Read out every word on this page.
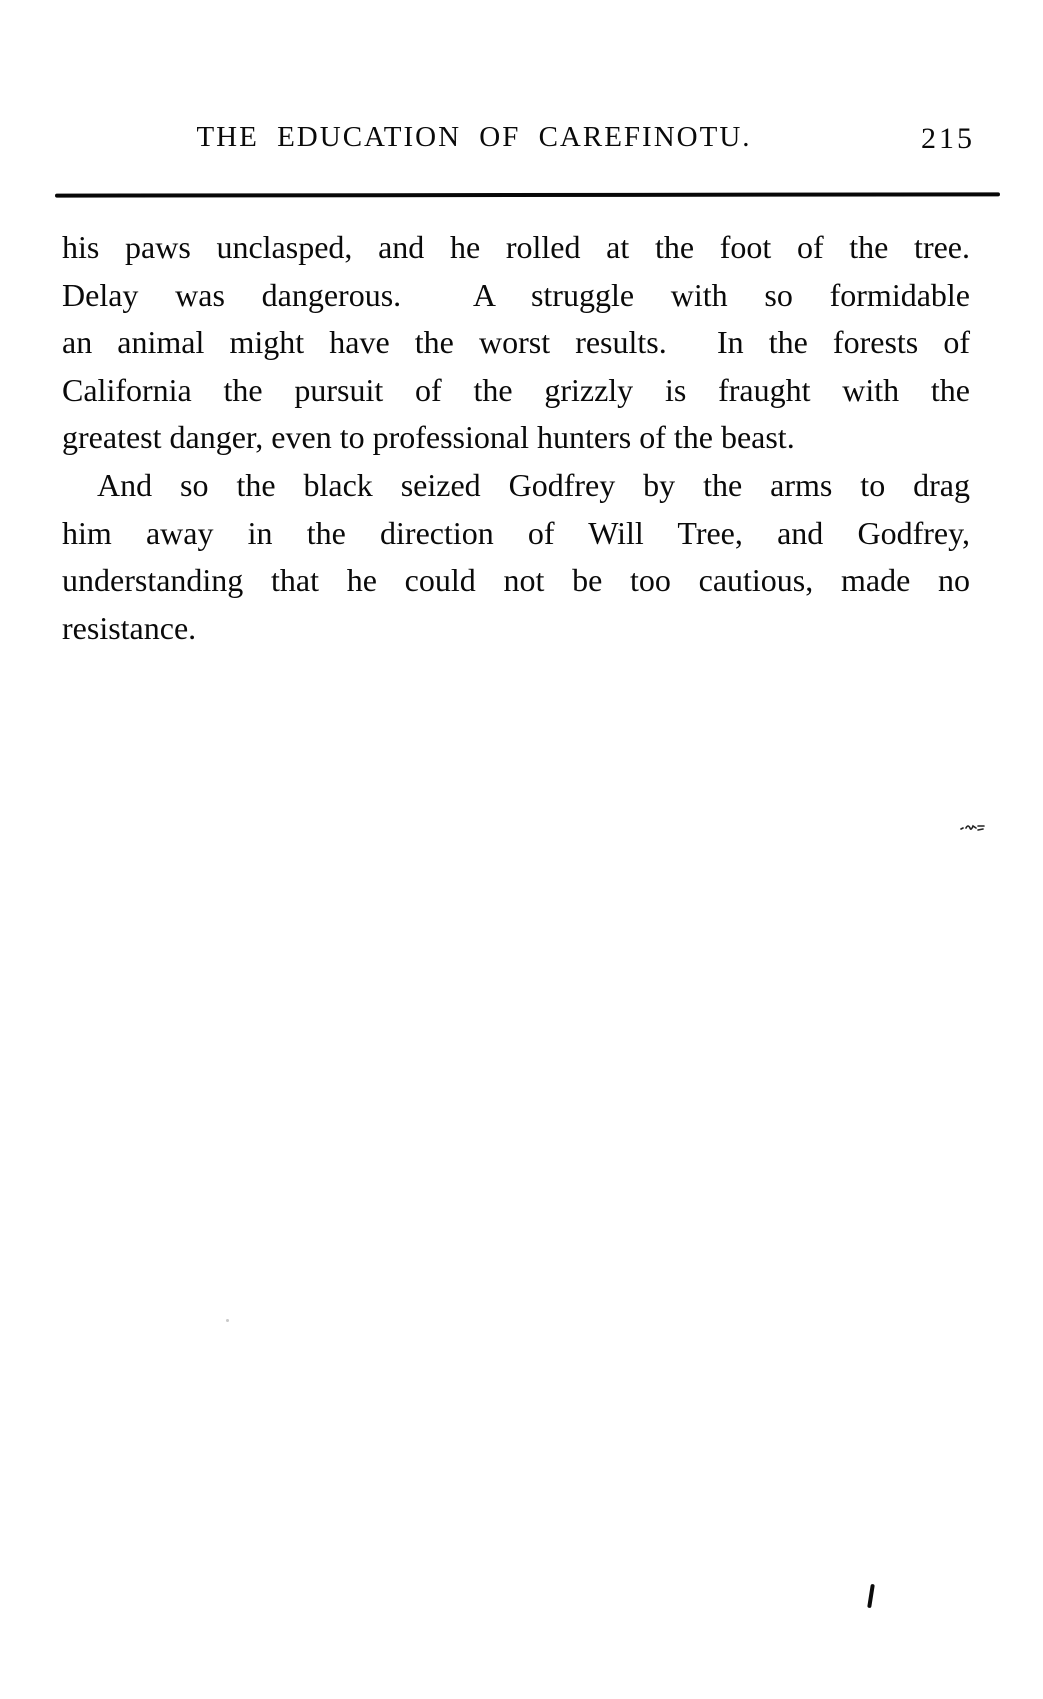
THE EDUCATION OF CAREFINOTU.	215
his paws unclasped, and he rolled at the foot of the tree.
Delay was dangerous.  A struggle with so formidable
an animal might have the worst results.  In the forests of
California the pursuit of the grizzly is fraught with the
greatest danger, even to professional hunters of the beast.
And so the black seized Godfrey by the arms to drag
him away in the direction of Will Tree, and Godfrey,
understanding that he could not be too cautious, made no
resistance.
